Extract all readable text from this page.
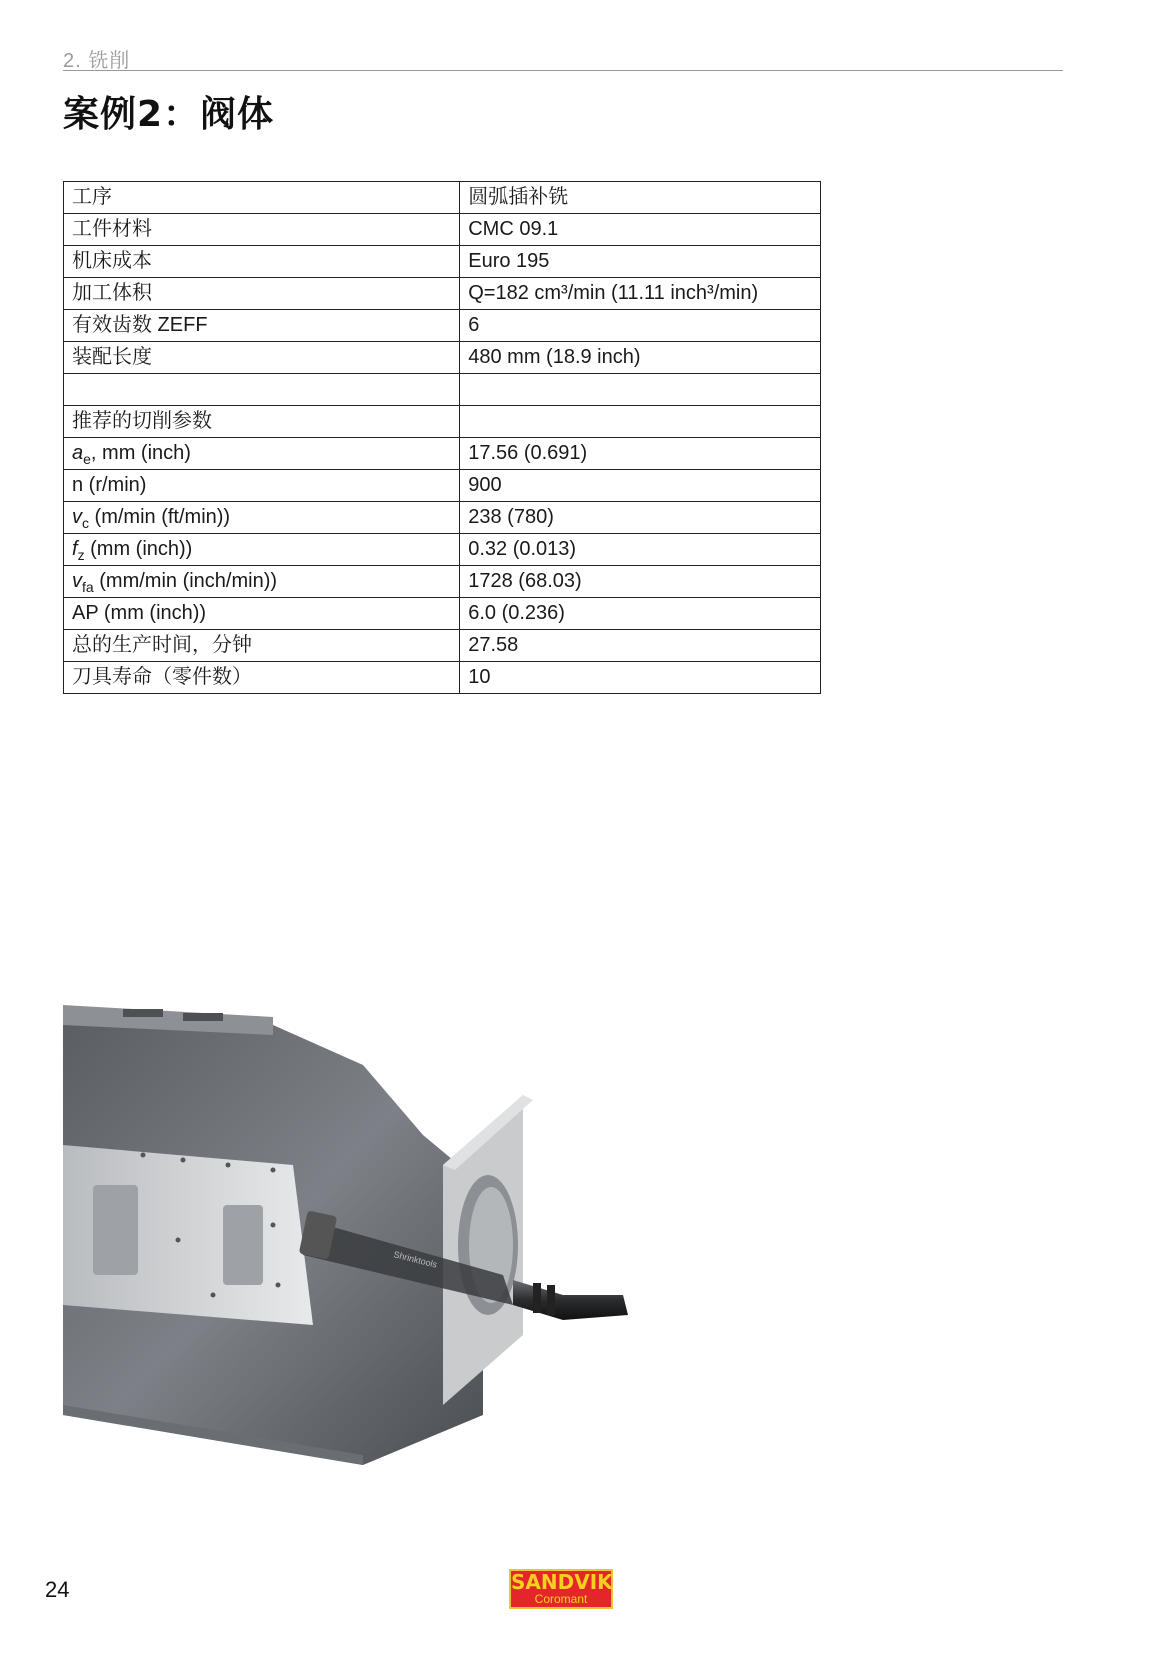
2. 铣削
案例2：阀体
工序	圆弧插补铣
工件材料	CMC 09.1
机床成本	Euro 195
加工体积	Q=182 cm³/min (11.11 inch³/min)
有效齿数 ZEFF	6
装配长度	480 mm (18.9 inch)

推荐的切削参数	
$a_e$, mm (inch)	17.56 (0.691)
n (r/min)	900
$v_c$ (m/min (ft/min))	238 (780)
$f_z$ (mm (inch))	0.32 (0.013)
$v_{fa}$ (mm/min (inch/min))	1728 (68.03)
AP (mm (inch))	6.0 (0.236)
总的生产时间，分钟	27.58
刀具寿命（零件数）	10
Shrinktools
24	SANDVIK
Coromant
